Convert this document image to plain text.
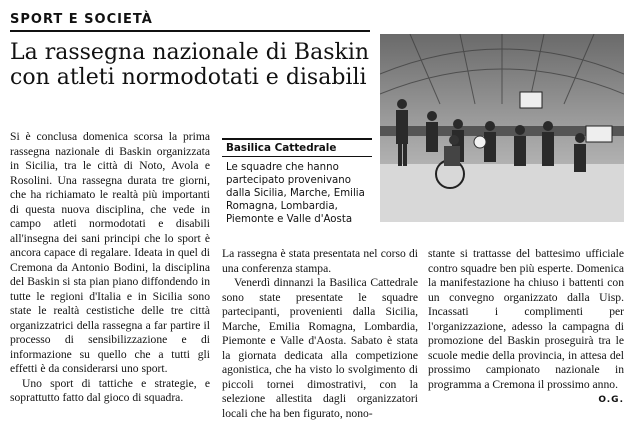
SPORT E SOCIETÀ
La rassegna nazionale di Baskin con atleti normodotati e disabili
Basilica Cattedrale

Le squadre che hanno partecipato provenivano dalla Sicilia, Marche, Emilia Romagna, Lombardia, Piemonte e Valle d'Aosta

Si è conclusa domenica scorsa la prima rassegna nazionale di Baskin organizzata in Sicilia, tra le città di Noto, Avola e Rosolini. Una rassegna durata tre giorni, che ha richiamato le realtà più importanti di questa nuova disciplina, che vede in campo atleti normodotati e disabili all'insegna dei sani principi che lo sport è ancora capace di regalare. Ideata in quel di Cremona da Antonio Bodini, la disciplina del Baskin si sta pian piano diffondendo in tutte le regioni d'Italia e in Sicilia sono state le realtà cestistiche delle tre città organizzatrici della rassegna a far partire il processo di sensibilizzazione e di informazione su quello che a tutti gli effetti è da considerarsi uno sport.

Uno sport di tattiche e strategie, e soprattutto fatto dal gioco di squadra.

La rassegna è stata presentata nel corso di una conferenza stampa.

Venerdì dinnanzi la Basilica Cattedrale sono state presentate le squadre partecipanti, provenienti dalla Sicilia, Marche, Emilia Romagna, Lombardia, Piemonte e Valle d'Aosta. Sabato è stata la giornata dedicata alla competizione agonistica, che ha visto lo svolgimento di piccoli tornei dimostrativi, con la selezione allestita dagli organizzatori locali che ha ben figurato, nono-

stante si trattasse del battesimo ufficiale contro squadre ben più esperte. Domenica la manifestazione ha chiuso i battenti con un convegno organizzato dalla Uisp. Incassati i complimenti per l'organizzazione, adesso la campagna di promozione del Baskin proseguirà tra le scuole medie della provincia, in attesa del prossimo campionato nazionale in programma a Cremona il prossimo anno.

O.G.
